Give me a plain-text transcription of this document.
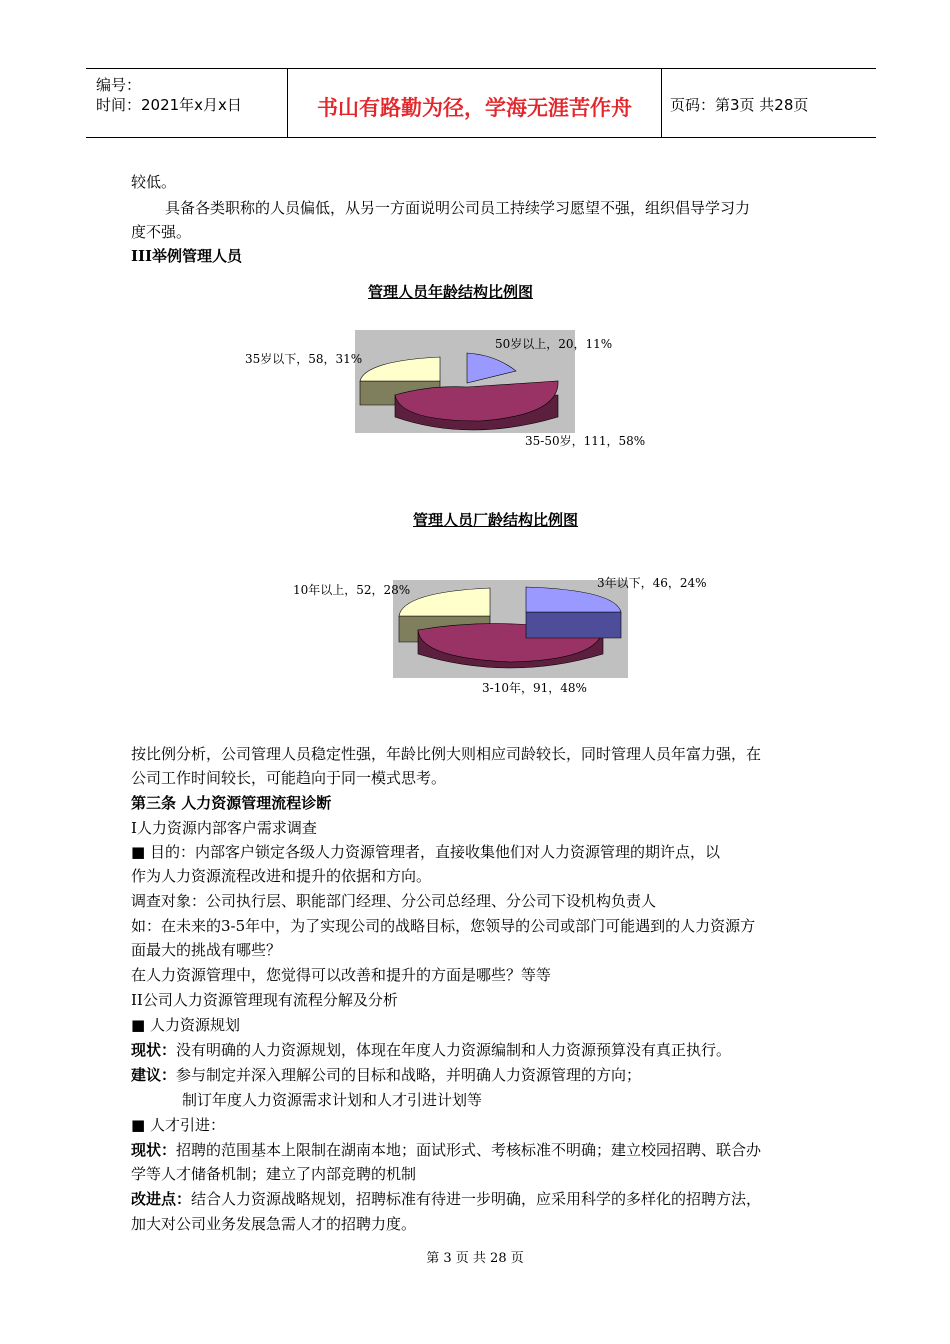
编号：
时间：2021年x月x日	书山有路勤为径，学海无涯苦作舟	页码：第3页 共28页
较低。
具备各类职称的人员偏低，从另一方面说明公司员工持续学习愿望不强，组织倡导学习力
度不强。
III举例管理人员
管理人员年龄结构比例图
50岁以上，20，11%
35-50岁，111，58%
35岁以下，58，31%
管理人员厂龄结构比例图
3年以下，46，24%
3-10年，91，48%
10年以上，52，28%
按比例分析，公司管理人员稳定性强，年龄比例大则相应司龄较长，同时管理人员年富力强，在
公司工作时间较长，可能趋向于同一模式思考。
第三条 人力资源管理流程诊断
I人力资源内部客户需求调查
■ 目的：内部客户锁定各级人力资源管理者，直接收集他们对人力资源管理的期许点，以
作为人力资源流程改进和提升的依据和方向。
调查对象：公司执行层、职能部门经理、分公司总经理、分公司下设机构负责人
如：在未来的3-5年中，为了实现公司的战略目标，您领导的公司或部门可能遇到的人力资源方
面最大的挑战有哪些？
在人力资源管理中，您觉得可以改善和提升的方面是哪些？等等
II公司人力资源管理现有流程分解及分析
■ 人力资源规划
现状：没有明确的人力资源规划，体现在年度人力资源编制和人力资源预算没有真正执行。
建议：参与制定并深入理解公司的目标和战略，并明确人力资源管理的方向；
制订年度人力资源需求计划和人才引进计划等
■ 人才引进：
现状：招聘的范围基本上限制在湖南本地；面试形式、考核标准不明确；建立校园招聘、联合办
学等人才储备机制；建立了内部竞聘的机制
改进点：结合人力资源战略规划，招聘标准有待进一步明确，应采用科学的多样化的招聘方法，
加大对公司业务发展急需人才的招聘力度。
第 3 页 共 28 页
